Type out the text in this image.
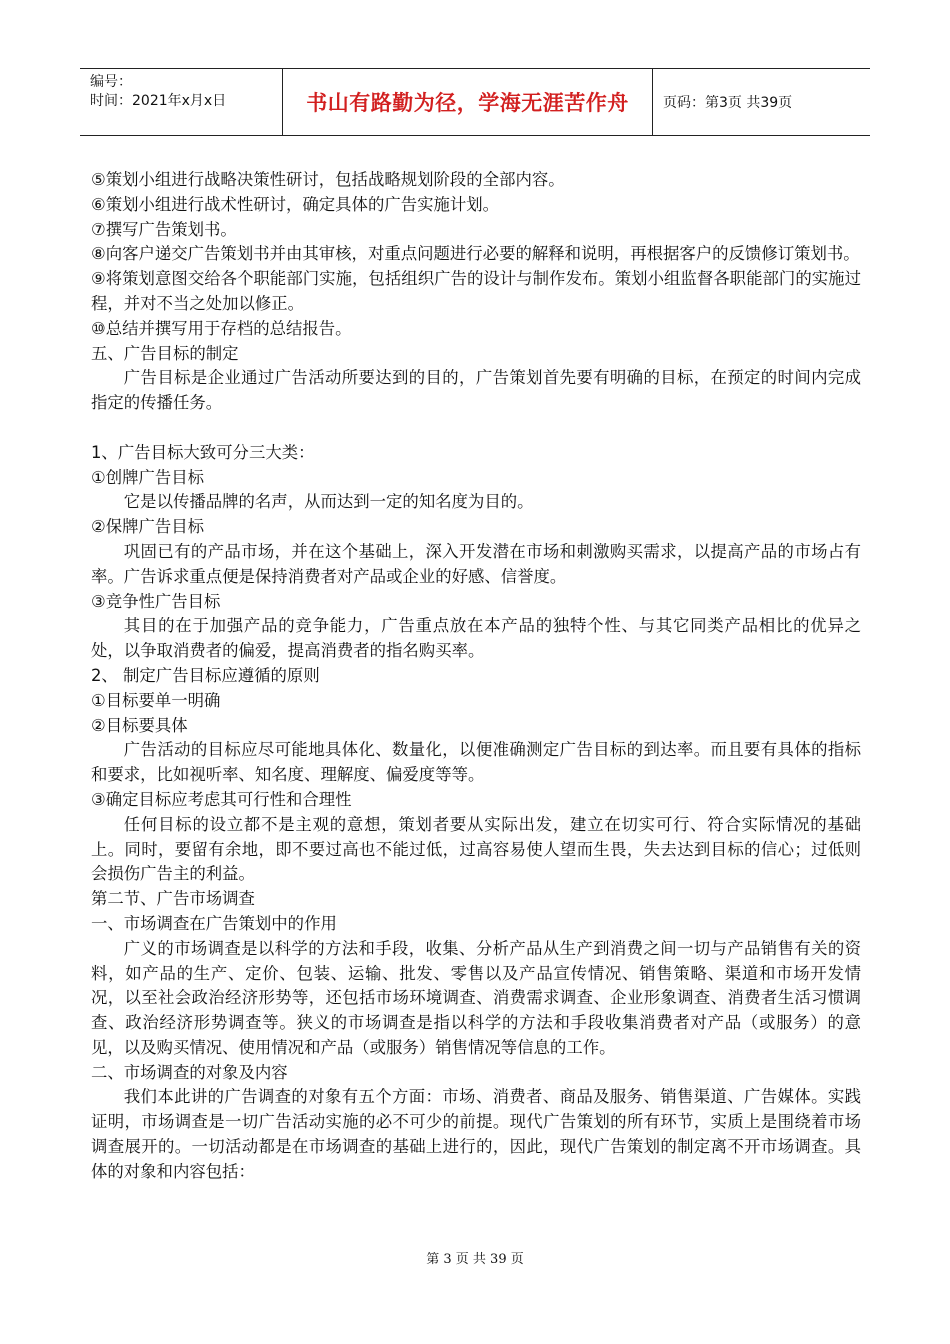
编号：
时间：2021年x月x日	书山有路勤为径，学海无涯苦作舟 页码：第3页 共39页

⑤策划小组进行战略决策性研讨，包括战略规划阶段的全部内容。

⑥策划小组进行战术性研讨，确定具体的广告实施计划。

⑦撰写广告策划书。

⑧向客户递交广告策划书并由其审核，对重点问题进行必要的解释和说明，再根据客户的反馈修订策划书。

⑨将策划意图交给各个职能部门实施，包括组织广告的设计与制作发布。策划小组监督各职能部门的实施过程，并对不当之处加以修正。

⑩总结并撰写用于存档的总结报告。

五、广告目标的制定

广告目标是企业通过广告活动所要达到的目的，广告策划首先要有明确的目标，在预定的时间内完成指定的传播任务。

1、广告目标大致可分三大类：

①创牌广告目标

它是以传播品牌的名声，从而达到一定的知名度为目的。

②保牌广告目标

巩固已有的产品市场，并在这个基础上，深入开发潜在市场和刺激购买需求，以提高产品的市场占有率。广告诉求重点便是保持消费者对产品或企业的好感、信誉度。

③竞争性广告目标

其目的在于加强产品的竞争能力，广告重点放在本产品的独特个性、与其它同类产品相比的优异之处，以争取消费者的偏爱，提高消费者的指名购买率。

2、 制定广告目标应遵循的原则

①目标要单一明确

②目标要具体

广告活动的目标应尽可能地具体化、数量化，以便准确测定广告目标的到达率。而且要有具体的指标和要求，比如视听率、知名度、理解度、偏爱度等等。

③确定目标应考虑其可行性和合理性

任何目标的设立都不是主观的意想，策划者要从实际出发，建立在切实可行、符合实际情况的基础上。同时，要留有余地，即不要过高也不能过低，过高容易使人望而生畏，失去达到目标的信心；过低则会损伤广告主的利益。

第二节、广告市场调查

一、市场调查在广告策划中的作用

广义的市场调查是以科学的方法和手段，收集、分析产品从生产到消费之间一切与产品销售有关的资料，如产品的生产、定价、包装、运输、批发、零售以及产品宣传情况、销售策略、渠道和市场开发情况，以至社会政治经济形势等，还包括市场环境调查、消费需求调查、企业形象调查、消费者生活习惯调查、政治经济形势调查等。狭义的市场调查是指以科学的方法和手段收集消费者对产品（或服务）的意见，以及购买情况、使用情况和产品（或服务）销售情况等信息的工作。

二、市场调查的对象及内容

我们本此讲的广告调查的对象有五个方面：市场、消费者、商品及服务、销售渠道、广告媒体。实践证明，市场调查是一切广告活动实施的必不可少的前提。现代广告策划的所有环节，实质上是围绕着市场调查展开的。一切活动都是在市场调查的基础上进行的，因此，现代广告策划的制定离不开市场调查。具体的对象和内容包括：

第 3 页 共 39 页
